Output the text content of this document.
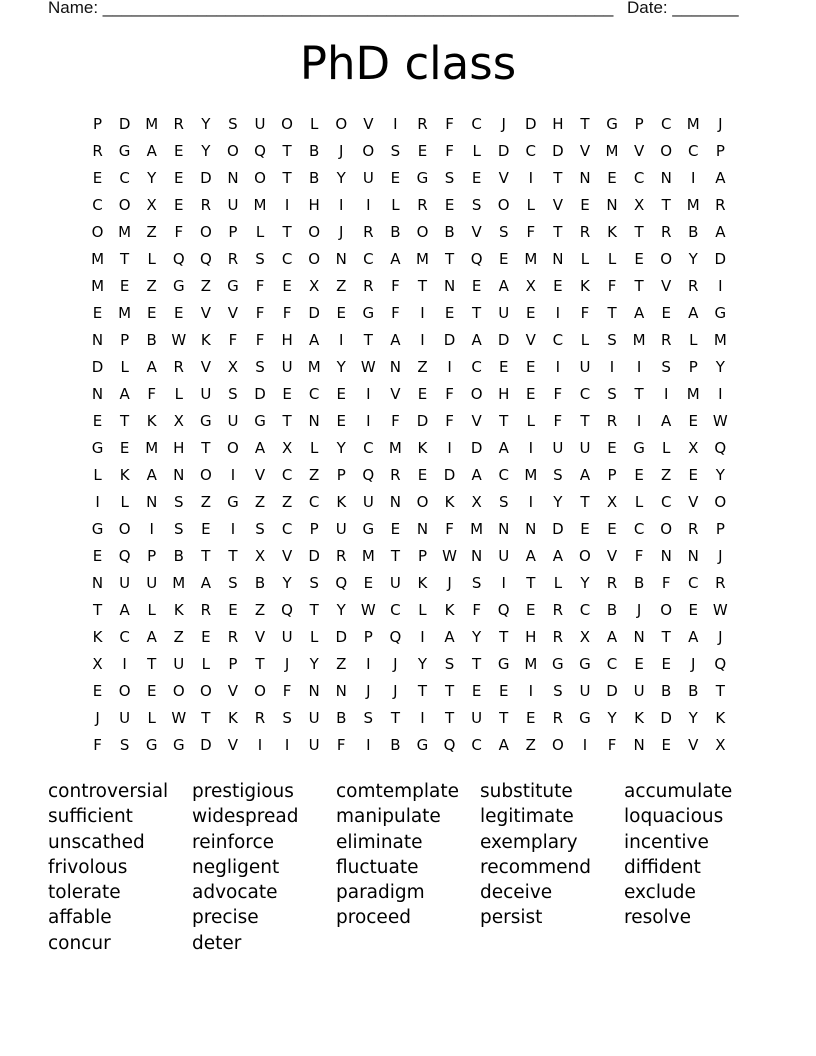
Name: ______________________________________________________ Date: _______
PhD class
P	D M	R	Y	S	U	O	L	O	V	I	R	F	C	J	D	H	T	G	P	C	M	J
R	G	A	E	Y	O	Q	T	B	J	O	S	E	F	L	D	C	D	V	M	V	O	C	P
E	C	Y	E	D	N	O	T	B	Y	U	E	G	S	E	V	I	T	N	E	C	N	I	A
C	O	X	E	R	U	M	I	H	I	I	L	R	E	S	O	L	V	E	N	X	T	M	R
O M	Z	F	O	P	L	T	O	J	R	B	O	B	V	S	F	T	R	K	T	R	B	A
M	T	L	Q	Q	R	S	C	O	N	C	A	M	T	Q	E	M N	L	L	E	O	Y	D
M	E	Z	G	Z	G	F	E	X	Z	R	F	T	N	E	A	X	E	K	F	T	V	R	I
E	M	E	E	V	V	F	F	D	E	G	F	I	E	T	U	E	I	F	T	A	E	A	G
N	P	B W K	F	F	H	A	I	T	A	I	D	A	D	V	C	L	S	M	R	L	M
D	L	A	R	V	X	S	U	M	Y	W N	Z	I	C	E	E	I	U	I	I	S	P	Y
N	A	F	L	U	S	D	E	C	E	I	V	E	F	O	H	E	F	C	S	T	I	M	I
E	T	K	X	G	U	G	T	N	E	I	F	D	F	V	T	L	F	T	R	I	A	E W
G	E	M H	T	O	A	X	L	Y	C	M	K	I	D	A	I	U	U	E	G	L	X	Q
L	K	A	N	O	I	V	C	Z	P	Q	R	E	D	A	C	M	S	A	P	E	Z	E	Y
I	L	N	S	Z	G	Z	Z	C	K	U	N	O	K	X	S	I	Y	T	X	L	C	V	O
G	O	I	S	E	I	S	C	P	U	G	E	N	F	M N	N	D	E	E	C	O	R	P
E	Q	P	B	T	T	X	V	D	R	M	T	P	W N	U	A	A	O	V	F	N	N	J
N	U	U	M	A	S	B	Y	S	Q	E	U	K	J	S	I	T	L	Y	R	B	F	C	R
T	A	L	K	R	E	Z	Q	T	Y	W C	L	K	F	Q	E	R	C	B	J	O	E W
K	C	A	Z	E	R	V	U	L	D	P	Q	I	A	Y	T	H	R	X	A	N	T	A	J
X	I	T	U	L	P	T	J	Y	Z	I	J	Y	S	T	G M G	G	C	E	E	J	Q
E	O	E	O	O	V	O	F	N	N	J	J	T	T	E	E	I	S	U	D	U	B	B	T
J	U	L	W	T	K	R	S	U	B	S	T	I	T	U	T	E	R	G	Y	K	D	Y	K
F	S	G	G	D	V	I	I	U	F	I	B	G	Q	C	A	Z	O	I	F	N	E	V	X
controversial
sufficient
unscathed
frivolous
tolerate
affable
concur
prestigious
widespread
reinforce
negligent
advocate
precise
deter
comtemplate
manipulate
eliminate
fluctuate
paradigm
proceed
substitute
legitimate
exemplary
recommend
deceive
persist
accumulate
loquacious
incentive
diffident
exclude
resolve
